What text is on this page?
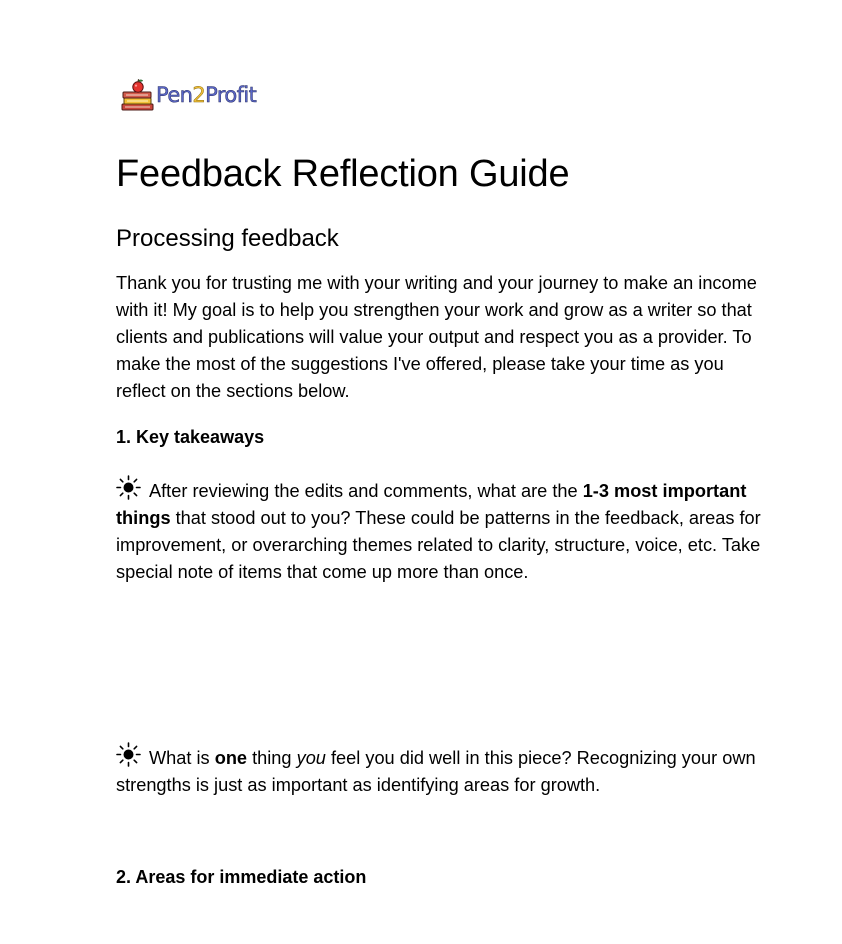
Pen2Profit
Feedback Reflection Guide
Processing feedback

Thank you for trusting me with your writing and your journey to make an income with it! My goal is to help you strengthen your work and grow as a writer so that clients and publications will value your output and respect you as a provider. To make the most of the suggestions I've offered, please take your time as you reflect on the sections below.

1. Key takeaways

After reviewing the edits and comments, what are the 1-3 most important things that stood out to you? These could be patterns in the feedback, areas for improvement, or overarching themes related to clarity, structure, voice, etc. Take special note of items that come up more than once.

What is one thing you feel you did well in this piece? Recognizing your own strengths is just as important as identifying areas for growth.

2. Areas for immediate action
